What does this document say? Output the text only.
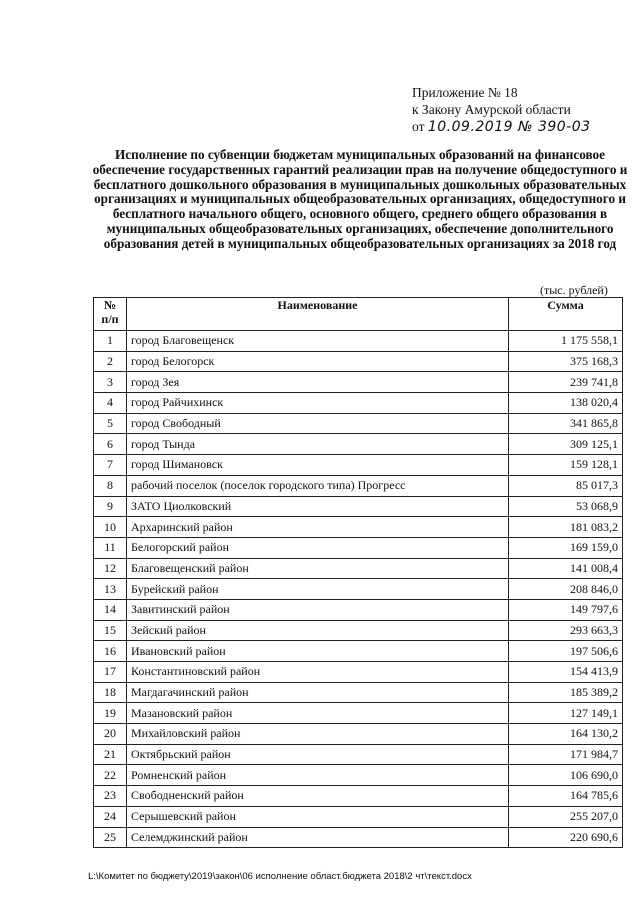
Приложение № 18
к Закону Амурской области
от 10.09.2019 № 390-03
Исполнение по субвенции бюджетам муниципальных образований на финансовое обеспечение государственных гарантий реализации прав на получение общедоступного и бесплатного дошкольного образования в муниципальных дошкольных образовательных организациях и муниципальных общеобразовательных организациях, общедоступного и бесплатного начального общего, основного общего, среднего общего образования в муниципальных общеобразовательных организациях, обеспечение дополнительного образования детей в муниципальных общеобразовательных организациях за 2018 год
(тыс. рублей)
№ п/п	Наименование	Сумма
1	город Благовещенск	1 175 558,1
2	город Белогорск	375 168,3
3	город Зея	239 741,8
4	город Райчихинск	138 020,4
5	город Свободный	341 865,8
6	город Тында	309 125,1
7	город Шимановск	159 128,1
8	рабочий поселок (поселок городского типа) Прогресс	85 017,3
9	ЗАТО Циолковский	53 068,9
10	Архаринский район	181 083,2
11	Белогорский район	169 159,0
12	Благовещенский район	141 008,4
13	Бурейский район	208 846,0
14	Завитинский район	149 797,6
15	Зейский район	293 663,3
16	Ивановский район	197 506,6
17	Константиновский район	154 413,9
18	Магдагачинский район	185 389,2
19	Мазановский район	127 149,1
20	Михайловский район	164 130,2
21	Октябрьский район	171 984,7
22	Ромненский район	106 690,0
23	Свободненский район	164 785,6
24	Серышевский район	255 207,0
25	Селемджинский район	220 690,6
L:\Комитет по бюджету\2019\закон\06 исполнение област.бюджета 2018\2 чт\текст.docx
